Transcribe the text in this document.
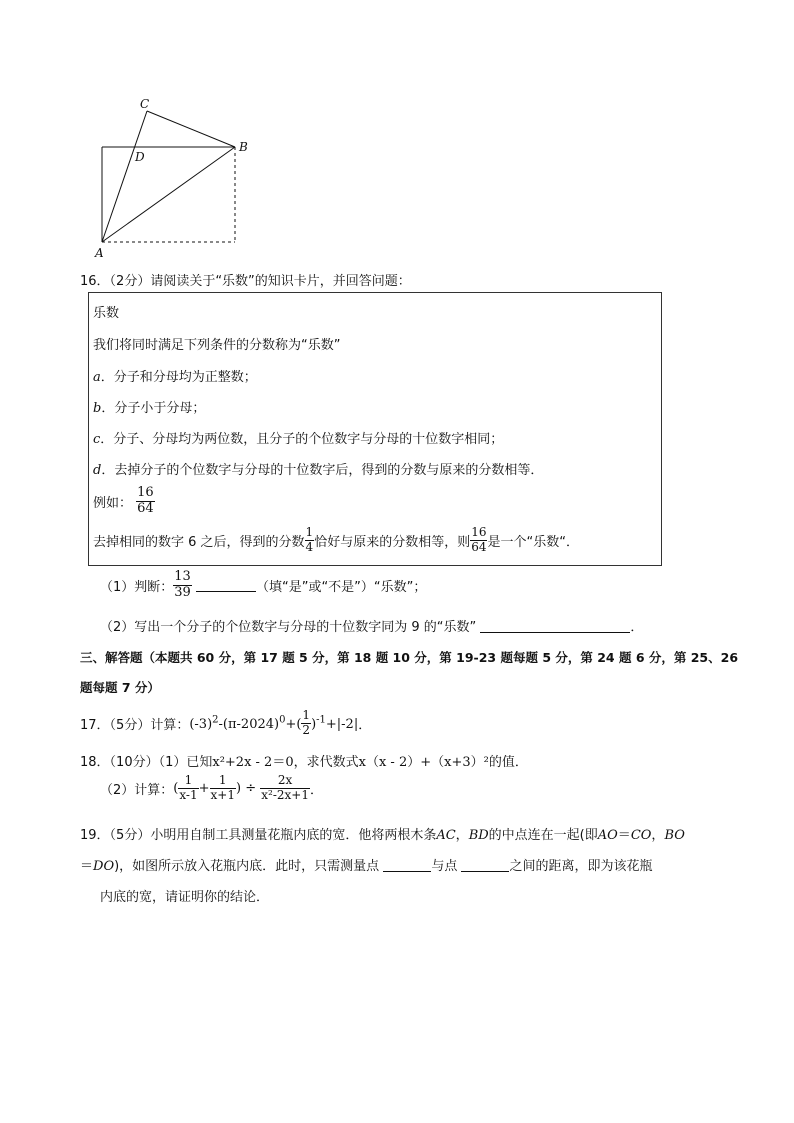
C
D
B
A
16．（2分）请阅读关于“乐数”的知识卡片，并回答问题：
乐数
我们将同时满足下列条件的分数称为“乐数”
a．分子和分母均为正整数；
b．分子小于分母；
c．分子、分母均为两位数，且分子的个位数字与分母的十位数字相同；
d．去掉分子的个位数字与分母的十位数字后，得到的分数与原来的分数相等．
例如： $\frac{16}{64}$
去掉相同的数字 6 之后，得到的分数 $\frac{1}{4}$ 恰好与原来的分数相等，则 $\frac{16}{64}$ 是一个“乐数“．
（1）判断： $\frac{13}{39}$	（填“是”或“不是”）“乐数”；
（2）写出一个分子的个位数字与分母的十位数字同为 9 的“乐数”	．
三、解答题（本题共 60 分，第 17 题 5 分，第 18 题 10 分，第 19-23 题每题 5 分，第 24 题 6 分，第 25、26
题每题 7 分）
17．（5分）计算：$(-3)^2-(\pi-2024)^0+( \frac{1}{2} )^{-1}+|-2|$．
18．（10分）（1）已知x²+2x - 2＝0，求代数式x（x - 2）+（x+3）²的值．
（2）计算：( $\frac{1}{x-1} + \frac{1}{x+1}$ ) ÷ $\frac{2x}{\text{x²-2x+1}}$ ．
19．（5分）小明用自制工具测量花瓶内底的宽．他将两根木条AC，BD的中点连在一起(即AO＝CO，BO
＝DO)，如图所示放入花瓶内底．此时，只需测量点	与点	之间的距离，即为该花瓶
内底的宽，请证明你的结论．
